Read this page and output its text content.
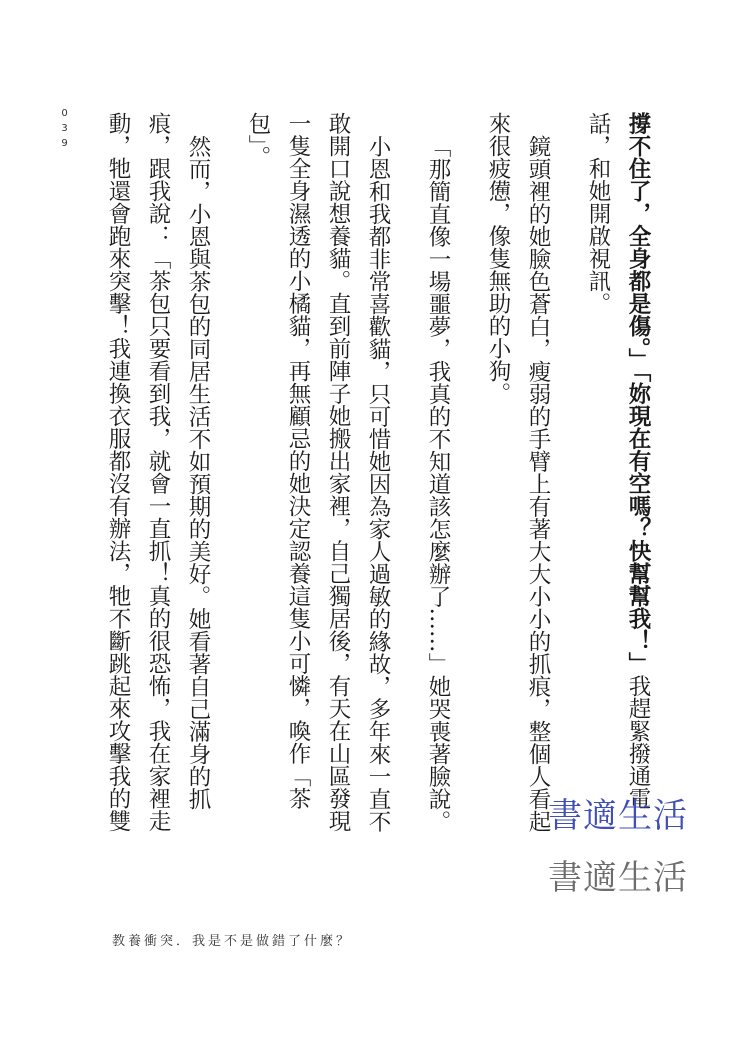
撐不住了，全身都是傷。」「妳現在有空嗎？快幫幫我！」我趕緊撥通電話，和她開啟視訊。

鏡頭裡的她臉色蒼白，瘦弱的手臂上有著大大小小的抓痕，整個人看起來很疲憊，像隻無助的小狗。

「那簡直像一場噩夢，我真的不知道該怎麼辦了……」她哭喪著臉說。

小恩和我都非常喜歡貓，只可惜她因為家人過敏的緣故，多年來一直不敢開口說想養貓。直到前陣子她搬出家裡，自己獨居後，有天在山區發現一隻全身濕透的小橘貓，再無顧忌的她決定認養這隻小可憐，喚作「茶包」。

然而，小恩與茶包的同居生活不如預期的美好。她看著自己滿身的抓痕，跟我說：「茶包只要看到我，就會一直抓！真的很恐怖，我在家裡走動，牠還會跑來突擊！我連換衣服都沒有辦法，牠不斷跳起來攻擊我的雙

039
教養衝突．我是不是做錯了什麼？
書適生活
書適生活
